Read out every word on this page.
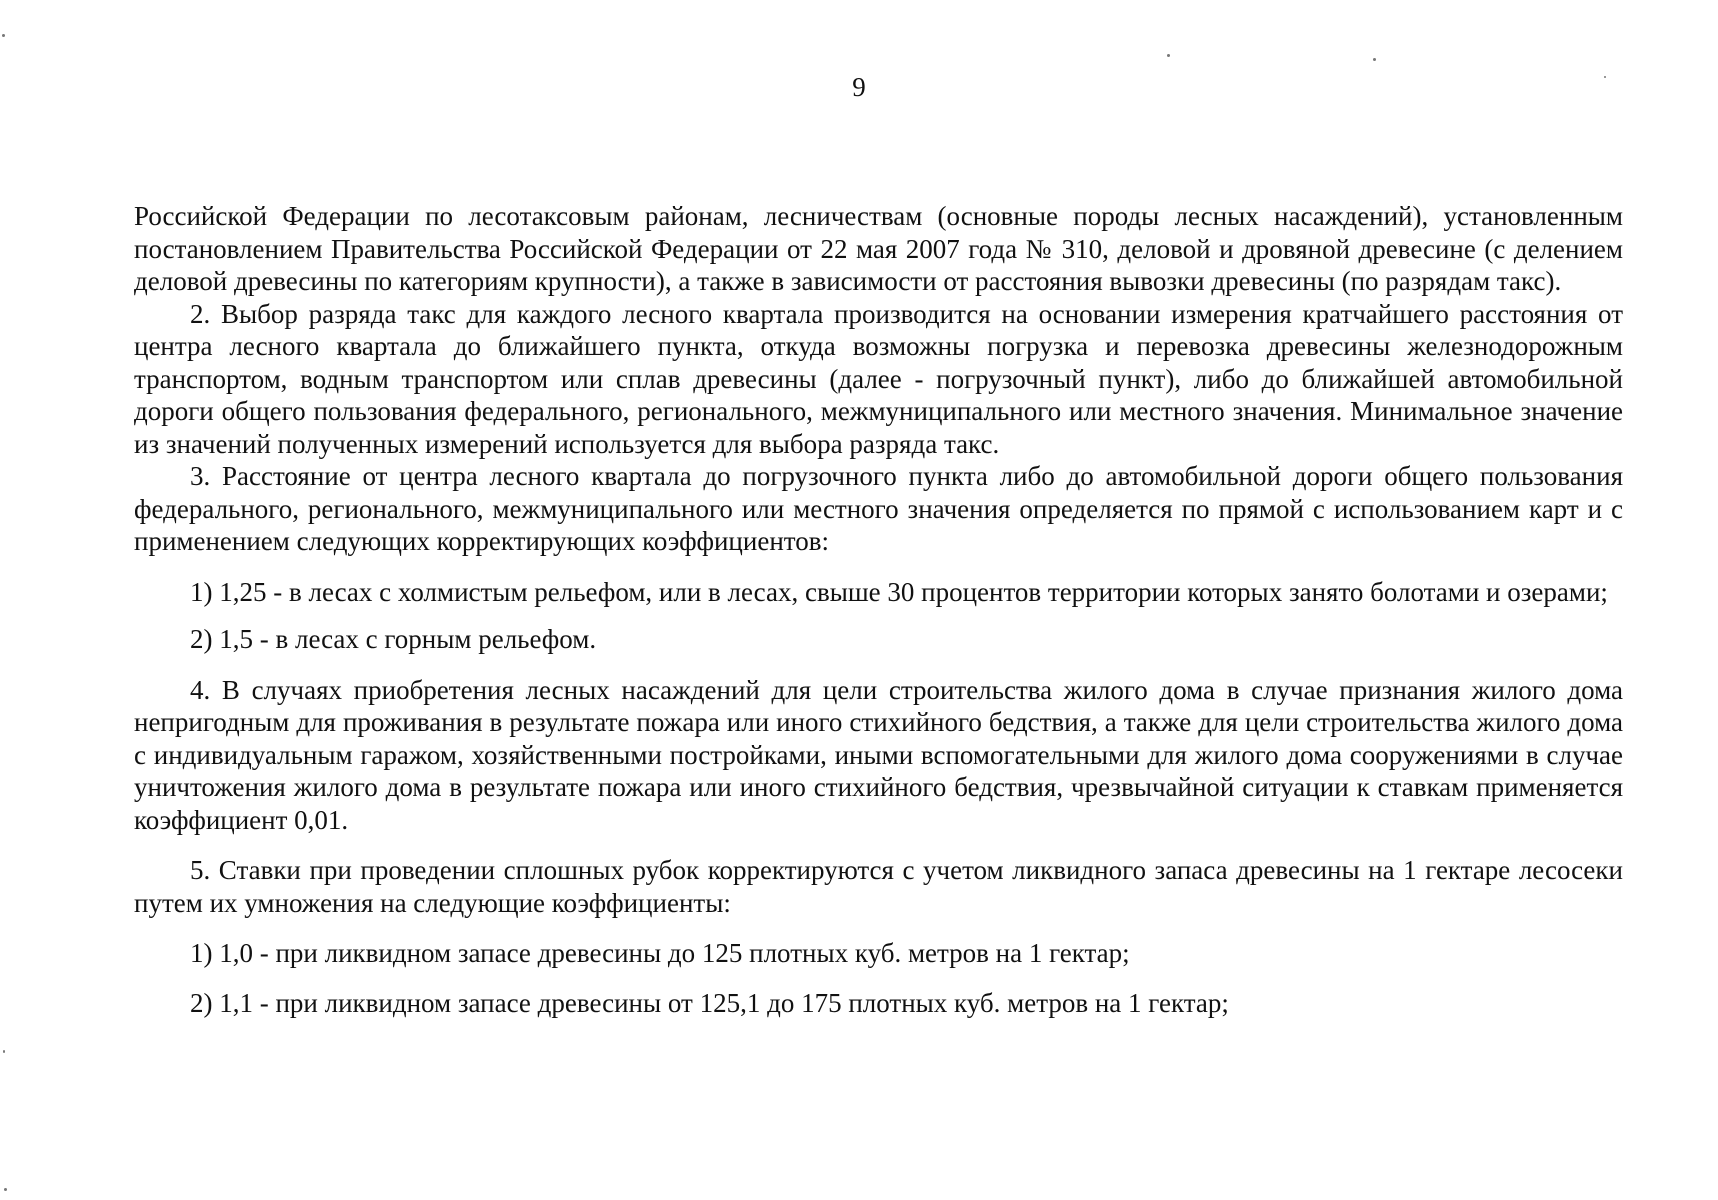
9

Российской Федерации по лесотаксовым районам, лесничествам (основные породы лесных насаждений), установленным постановлением Правительства Российской Федерации от 22 мая 2007 года № 310, деловой и дровяной древесине (с делением деловой древесины по категориям крупности), а также в зависимости от расстояния вывозки древесины (по разрядам такс).

2. Выбор разряда такс для каждого лесного квартала производится на основании измерения кратчайшего расстояния от центра лесного квартала до ближайшего пункта, откуда возможны погрузка и перевозка древесины железнодорожным транспортом, водным транспортом или сплав древесины (далее - погрузочный пункт), либо до ближайшей автомобильной дороги общего пользования федерального, регионального, межмуниципального или местного значения. Минимальное значение из значений полученных измерений используется для выбора разряда такс.

3. Расстояние от центра лесного квартала до погрузочного пункта либо до автомобильной дороги общего пользования федерального, регионального, межмуниципального или местного значения определяется по прямой с использованием карт и с применением следующих корректирующих коэффициентов:

1) 1,25 - в лесах с холмистым рельефом, или в лесах, свыше 30 процентов территории которых занято болотами и озерами;

2) 1,5 - в лесах с горным рельефом.

4. В случаях приобретения лесных насаждений для цели строительства жилого дома в случае признания жилого дома непригодным для проживания в результате пожара или иного стихийного бедствия, а также для цели строительства жилого дома с индивидуальным гаражом, хозяйственными постройками, иными вспомогательными для жилого дома сооружениями в случае уничтожения жилого дома в результате пожара или иного стихийного бедствия, чрезвычайной ситуации к ставкам применяется коэффициент 0,01.

5. Ставки при проведении сплошных рубок корректируются с учетом ликвидного запаса древесины на 1 гектаре лесосеки путем их умножения на следующие коэффициенты:

1) 1,0 - при ликвидном запасе древесины до 125 плотных куб. метров на 1 гектар;

2) 1,1 - при ликвидном запасе древесины от 125,1 до 175 плотных куб. метров на 1 гектар;
